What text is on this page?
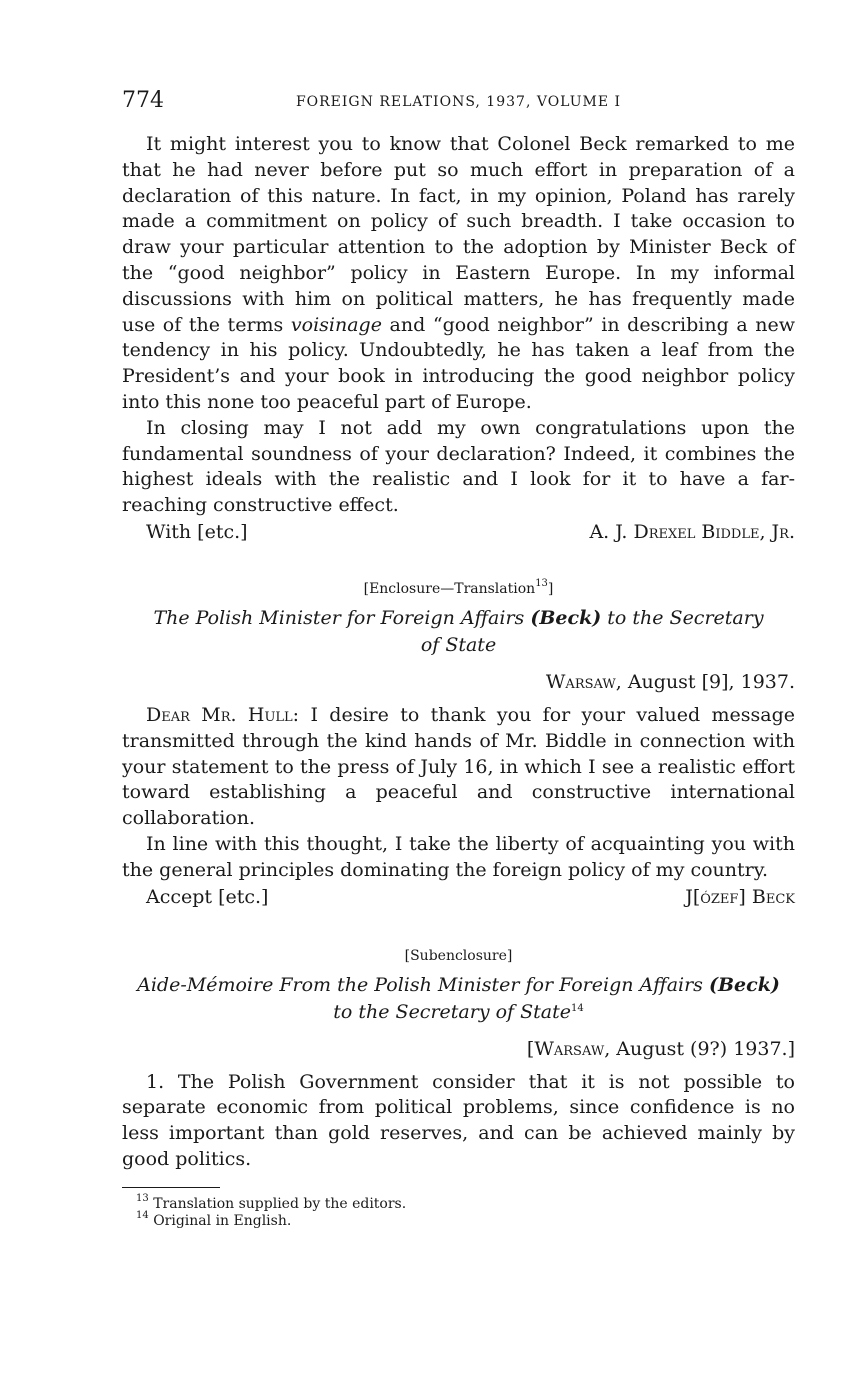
774	FOREIGN RELATIONS, 1937, VOLUME I

It might interest you to know that Colonel Beck remarked to me that he had never before put so much effort in preparation of a declaration of this nature. In fact, in my opinion, Poland has rarely made a commitment on policy of such breadth. I take occasion to draw your particular attention to the adoption by Minister Beck of the “good neighbor” policy in Eastern Europe. In my informal discussions with him on political matters, he has frequently made use of the terms voisinage and “good neighbor” in describing a new tendency in his policy. Undoubtedly, he has taken a leaf from the President’s and your book in introducing the good neighbor policy into this none too peaceful part of Europe.

In closing may I not add my own congratulations upon the fundamental soundness of your declaration? Indeed, it combines the highest ideals with the realistic and I look for it to have a far-reaching constructive effect.

With [etc.]	A. J. Drexel Biddle, Jr.
[Enclosure—Translation$^{13}$]
The Polish Minister for Foreign Affairs (Beck) to the Secretary
of State
Warsaw, August [9], 1937.

Dear Mr. Hull: I desire to thank you for your valued message transmitted through the kind hands of Mr. Biddle in connection with your statement to the press of July 16, in which I see a realistic effort toward establishing a peaceful and constructive international collaboration.

In line with this thought, I take the liberty of acquainting you with the general principles dominating the foreign policy of my country.

Accept [etc.]	J[ózef] Beck
[Subenclosure]
Aide-Mémoire From the Polish Minister for Foreign Affairs (Beck)
to the Secretary of State$^{14}$
[Warsaw, August (9?) 1937.]

1. The Polish Government consider that it is not possible to separate economic from political problems, since confidence is no less important than gold reserves, and can be achieved mainly by good politics.

$^{13}$ Translation supplied by the editors.
$^{14}$ Original in English.
